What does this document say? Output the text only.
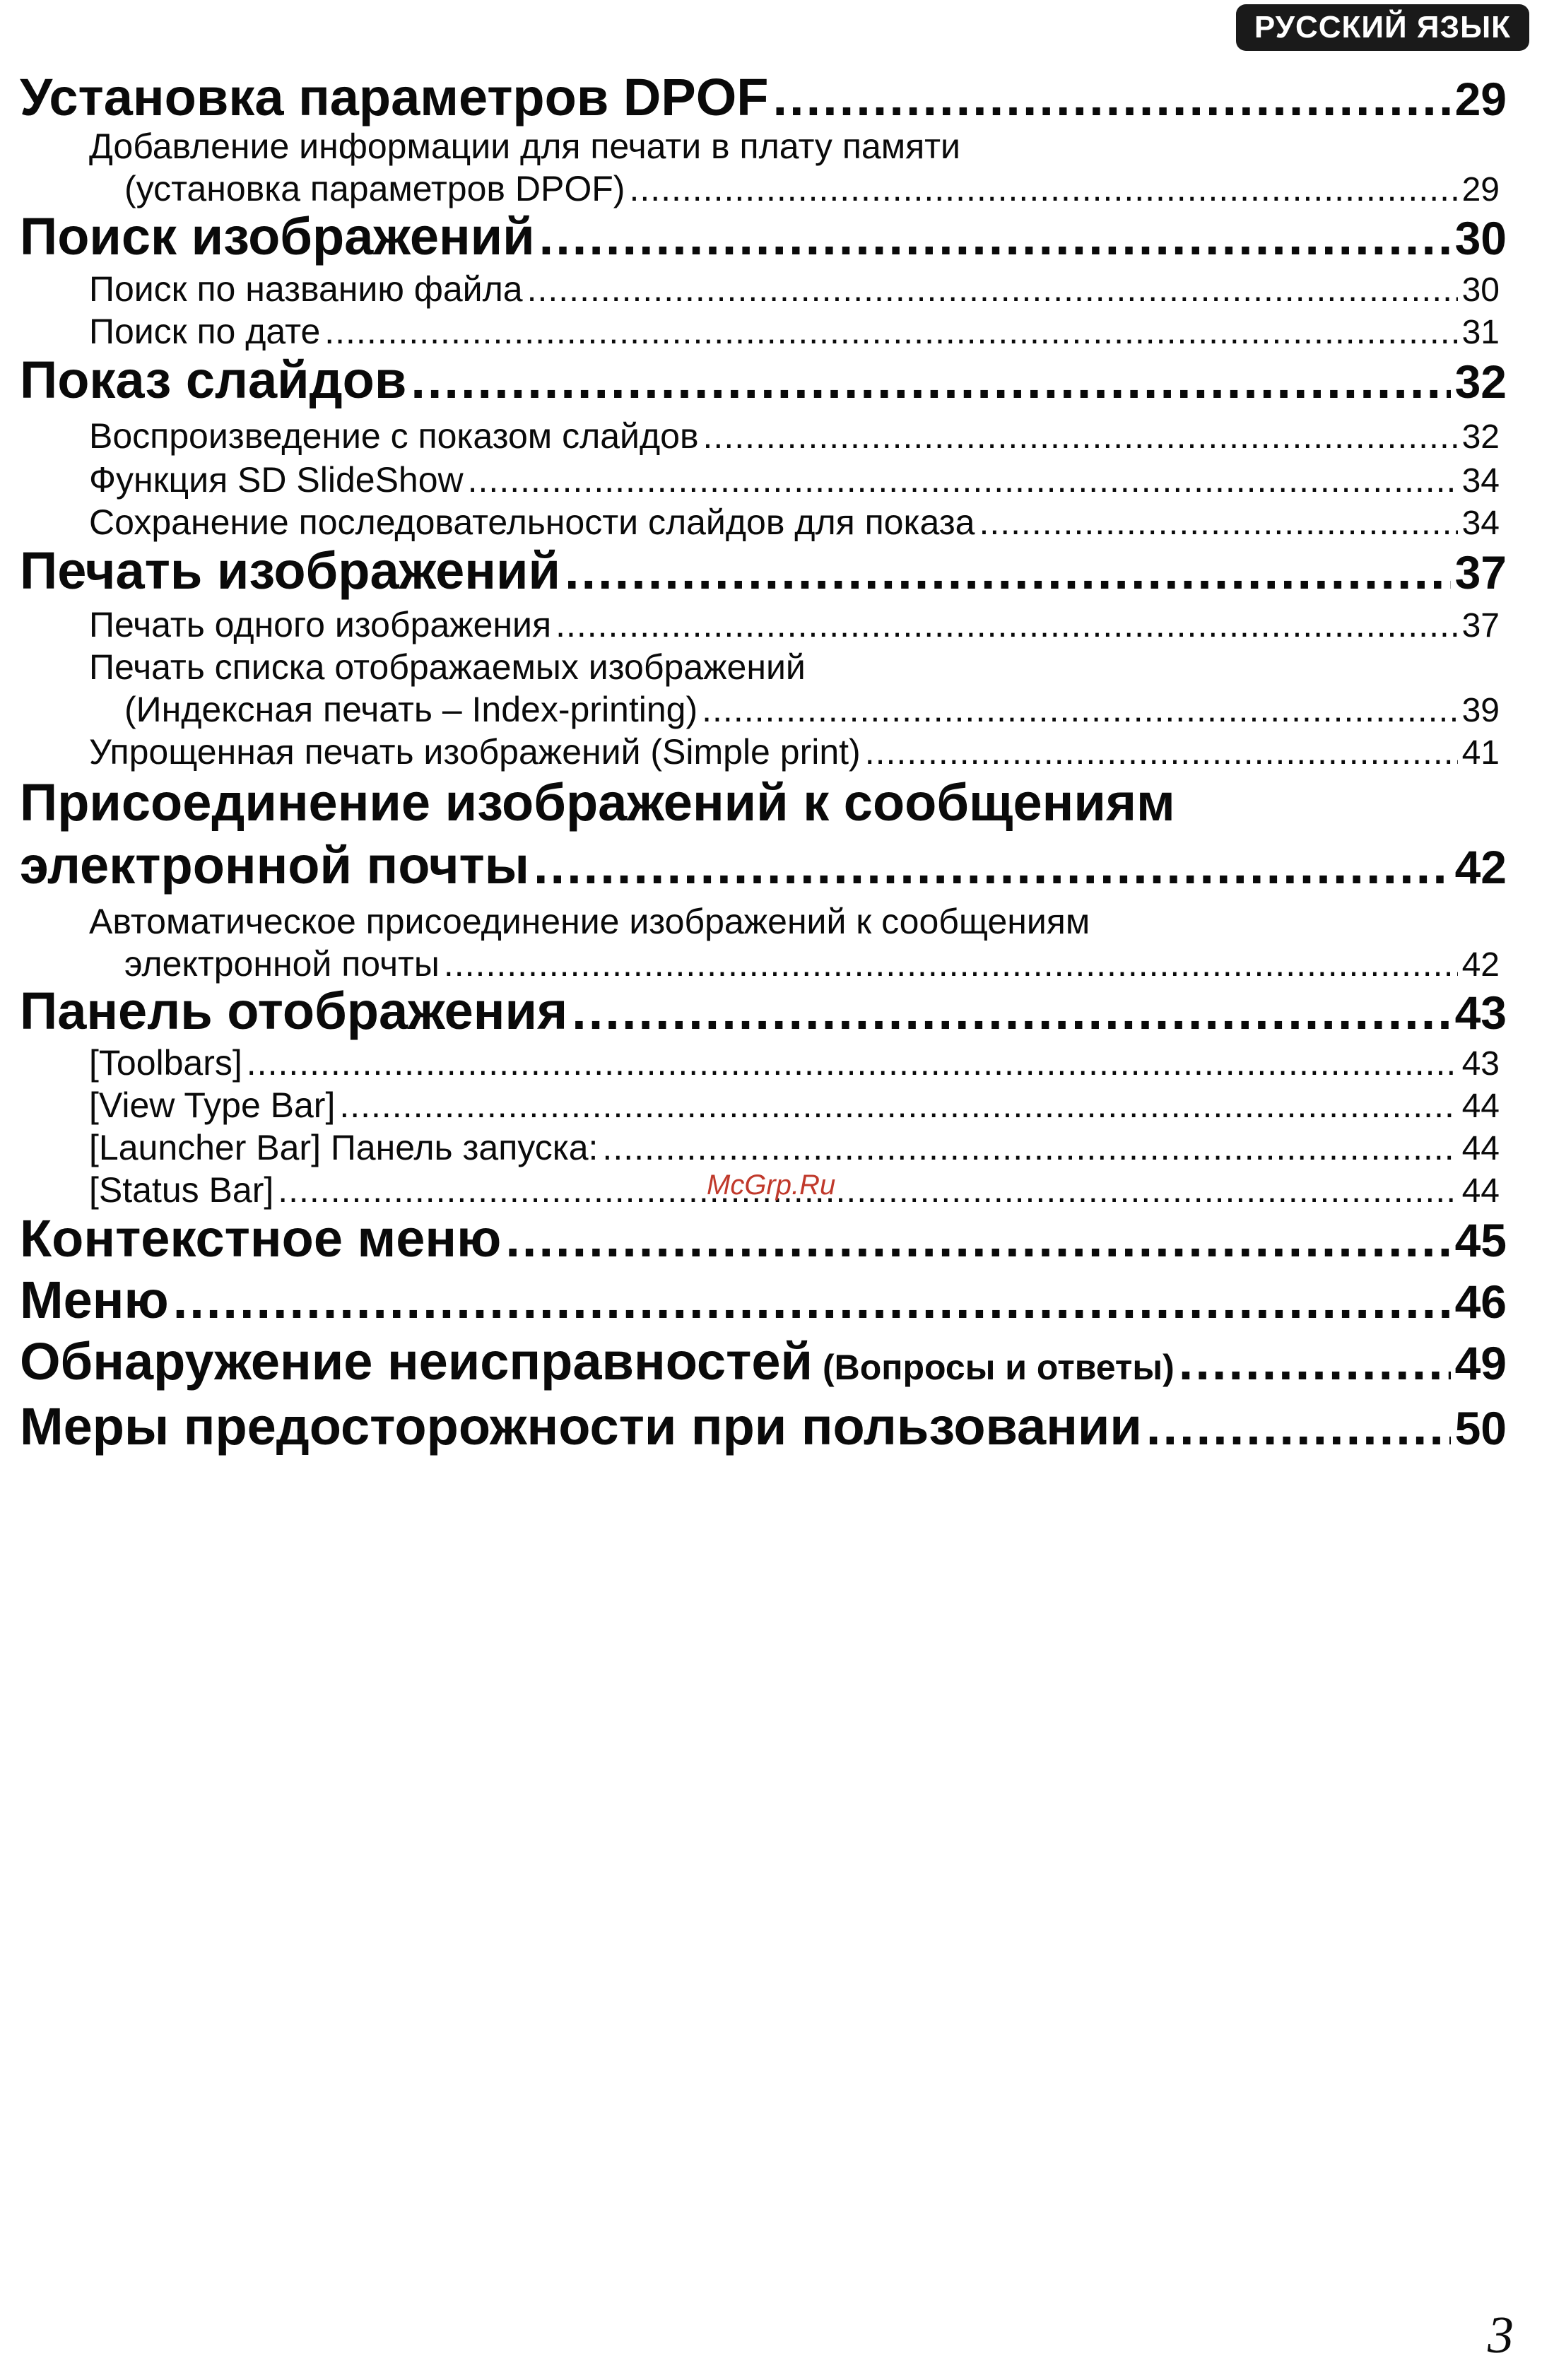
РУССКИЙ ЯЗЫК
Установка параметров DPOF .....	29
Добавление информации для печати в плату памяти
(установка параметров DPOF) .....	29
Поиск изображений .....	30
Поиск по названию файла .....	30
Поиск по дате .....	31
Показ слайдов .....	32
Воспроизведение с показом слайдов .....	32
Функция SD SlideShow .....	34
Сохранение последовательности слайдов для показа .....	34
Печать изображений .....	37
Печать одного изображения .....	37
Печать списка отображаемых изображений
(Индексная печать – Index-printing) .....	39
Упрощенная печать изображений (Simple print) .....	41
Присоединение изображений к сообщениям
электронной почты .....	42
Автоматическое присоединение изображений к сообщениям
электронной почты .....	42
Панель отображения .....	43
[Toolbars] .....	43
[View Type Bar] .....	44
[Launcher Bar] Панель запуска: .....	44
[Status Bar] .....	44
Контекстное меню .....	45
Меню .....	46
Обнаружение неисправностей (Вопросы и ответы) .....	49
Меры предосторожности при пользовании .....	50
McGrp.Ru
3
